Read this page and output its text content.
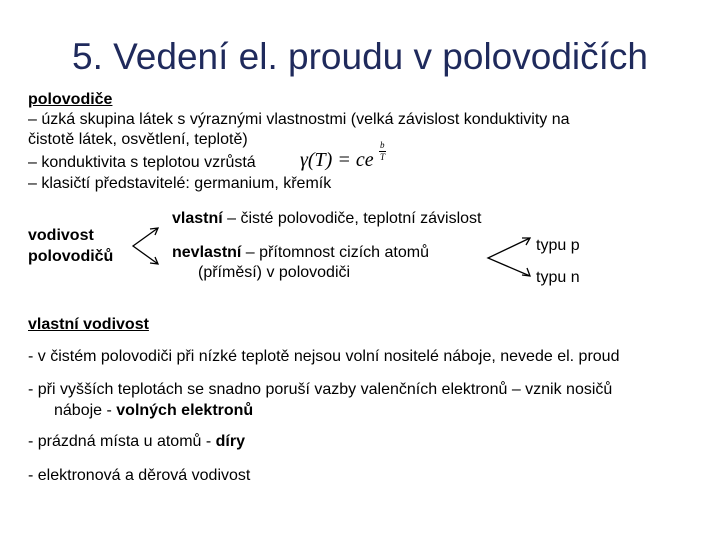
5. Vedení el. proudu v polovodičích
polovodiče
– úzká skupina látek s výraznými vlastnostmi (velká závislost konduktivity na
čistotě látek, osvětlení, teplotě)
– konduktivita s teplotou vzrůstá γ(T) = ce
b
T
– klasičtí představitelé: germanium, křemík
vodivost
polovodičů
vlastní – čisté polovodiče, teplotní závislost
nevlastní – přítomnost cizích atomů
(příměsí) v polovodiči
typu p
typu n
vlastní vodivost
- v čistém polovodiči při nízké teplotě nejsou volní nositelé náboje, nevede el. proud
- při vyšších teplotách se snadno poruší vazby valenčních elektronů – vznik nosičů
náboje - volných elektronů
- prázdná místa u atomů - díry
- elektronová a děrová vodivost
